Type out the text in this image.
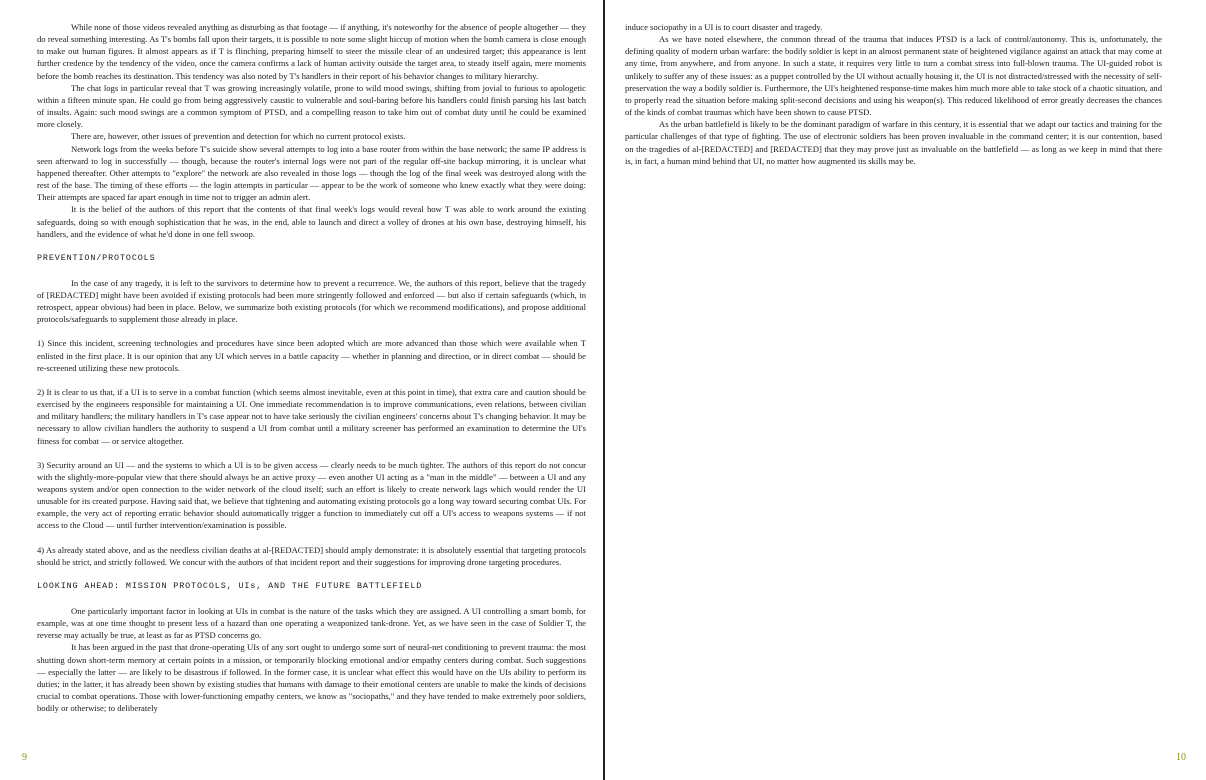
While none of those videos revealed anything as disturbing as that footage — if anything, it's noteworthy for the absence of people altogether — they do reveal something interesting. As T's bombs fall upon their targets, it is possible to note some slight hiccup of motion when the bomb camera is close enough to make out human figures. It almost appears as if T is flinching, preparing himself to steer the missile clear of an undesired target; this appearance is lent further credence by the tendency of the video, once the camera confirms a lack of human activity outside the target area, to steady itself again, mere moments before the bomb reaches its destination. This tendency was also noted by T's handlers in their report of his behavior changes to military hierarchy.

The chat logs in particular reveal that T was growing increasingly volatile, prone to wild mood swings, shifting from jovial to furious to apologetic within a fifteen minute span. He could go from being aggressively caustic to vulnerable and soul-baring before his handlers could finish parsing his last batch of insults. Again: such mood swings are a common symptom of PTSD, and a compelling reason to take him out of combat duty until he could be examined more closely.

There are, however, other issues of prevention and detection for which no current protocol exists.

Network logs from the weeks before T's suicide show several attempts to log into a base router from within the base network; the same IP address is seen afterward to log in successfully — though, because the router's internal logs were not part of the regular off-site backup mirroring, it is unclear what happened thereafter. Other attempts to "explore" the network are also revealed in those logs — though the log of the final week was destroyed along with the rest of the base. The timing of these efforts — the login attempts in particular — appear to be the work of someone who knew exactly what they were doing: Their attempts are spaced far apart enough in time not to trigger an admin alert.

It is the belief of the authors of this report that the contents of that final week's logs would reveal how T was able to work around the existing safeguards, doing so with enough sophistication that he was, in the end, able to launch and direct a volley of drones at his own base, destroying himself, his handlers, and the evidence of what he'd done in one fell swoop.

PREVENTION/PROTOCOLS

In the case of any tragedy, it is left to the survivors to determine how to prevent a recurrence. We, the authors of this report, believe that the tragedy of [REDACTED] might have been avoided if existing protocols had been more stringently followed and enforced — but also if certain safeguards (which, in retrospect, appear obvious) had been in place. Below, we summarize both existing protocols (for which we recommend modifications), and propose additional protocols/safeguards to supplement those already in place.

1) Since this incident, screening technologies and procedures have since been adopted which are more advanced than those which were available when T enlisted in the first place. It is our opinion that any UI which serves in a battle capacity — whether in planning and direction, or in direct combat — should be re-screened utilizing these new protocols.

2) It is clear to us that, if a UI is to serve in a combat function (which seems almost inevitable, even at this point in time), that extra care and caution should be exercised by the engineers responsible for maintaining a UI. One immediate recommendation is to improve communications, even relations, between civilian and military handlers; the military handlers in T's case appear not to have take seriously the civilian engineers' concerns about T's changing behavior. It may be necessary to allow civilian handlers the authority to suspend a UI from combat until a military screener has performed an examination to determine the UI's fitness for combat — or service altogether.

3) Security around an UI — and the systems to which a UI is to be given access — clearly needs to be much tighter. The authors of this report do not concur with the slightly-more-popular view that there should always be an active proxy — even another UI acting as a "man in the middle" — between a UI and any weapons system and/or open connection to the wider network of the cloud itself; such an effort is likely to create network lags which would render the UI unusable for its created purpose. Having said that, we believe that tightening and automating existing protocols go a long way toward securing combat UIs. For example, the very act of reporting erratic behavior should automatically trigger a function to immediately cut off a UI's access to weapons systems — if not access to the Cloud — until further intervention/examination is possible.

4) As already stated above, and as the needless civilian deaths at al-[REDACTED] should amply demonstrate: it is absolutely essential that targeting protocols should be strict, and strictly followed. We concur with the authors of that incident report and their suggestions for improving drone targeting procedures.

LOOKING AHEAD: MISSION PROTOCOLS, UIs, AND THE FUTURE BATTLEFIELD

One particularly important factor in looking at UIs in combat is the nature of the tasks which they are assigned. A UI controlling a smart bomb, for example, was at one time thought to present less of a hazard than one operating a weaponized tank-drone. Yet, as we have seen in the case of Soldier T, the reverse may actually be true, at least as far as PTSD concerns go.

It has been argued in the past that drone-operating UIs of any sort ought to undergo some sort of neural-net conditioning to prevent trauma: the most shutting down short-term memory at certain points in a mission, or temporarily blocking emotional and/or empathy centers during combat. Such suggestions — especially the latter — are likely to be disastrous if followed. In the former case, it is unclear what effect this would have on the UIs ability to perform its duties; in the latter, it has already been shown by existing studies that humans with damage to their emotional centers are unable to make the kinds of decisions crucial to combat operations. Those with lower-functioning empathy centers, we know as "sociopaths," and they have tended to make extremely poor soldiers, bodily or otherwise; to deliberately

9

induce sociopathy in a UI is to court disaster and tragedy.

As we have noted elsewhere, the common thread of the trauma that induces PTSD is a lack of control/autonomy. This is, unfortunately, the defining quality of modern urban warfare: the bodily soldier is kept in an almost permanent state of heightened vigilance against an attack that may come at any time, from anywhere, and from anyone. In such a state, it requires very little to turn a combat stress into full-blown trauma. The UI-guided robot is unlikely to suffer any of these issues: as a puppet controlled by the UI without actually housing it, the UI is not distracted/stressed with the necessity of self-preservation the way a bodily soldier is. Furthermore, the UI's heightened response-time makes him much more able to take stock of a chaotic situation, and to properly read the situation before making split-second decisions and using his weapon(s). This reduced likelihood of error greatly decreases the chances of the kinds of combat traumas which have been shown to cause PTSD.

As the urban battlefield is likely to be the dominant paradigm of warfare in this century, it is essential that we adapt our tactics and training for the particular challenges of that type of fighting. The use of electronic soldiers has been proven invaluable in the command center; it is our contention, based on the tragedies of al-[REDACTED] and [REDACTED] that they may prove just as invaluable on the battlefield — as long as we keep in mind that there is, in fact, a human mind behind that UI, no matter how augmented its skills may be.

10
